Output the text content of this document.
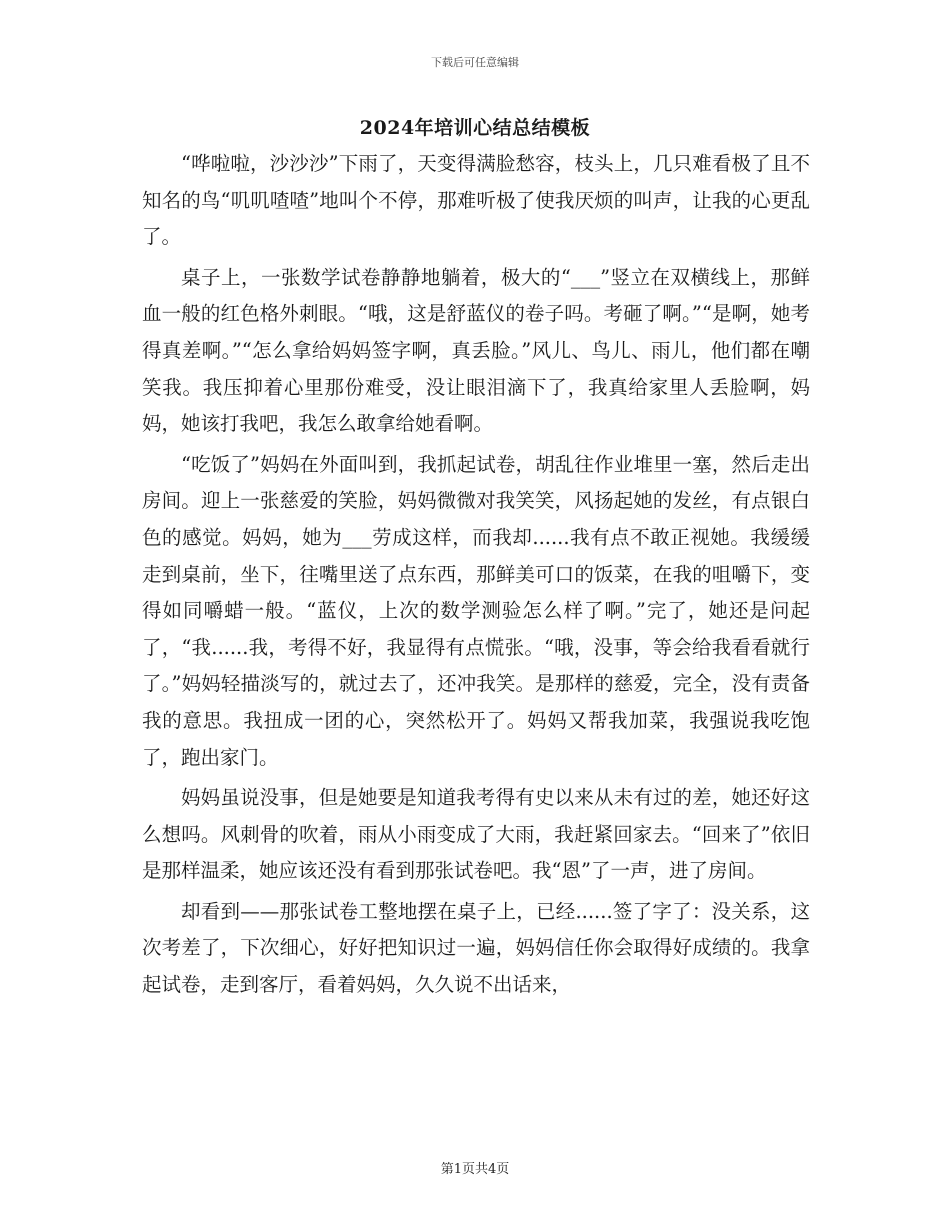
下载后可任意编辑
2024年培训心结总结模板

“哗啦啦，沙沙沙”下雨了，天变得满脸愁容，枝头上，几只难看极了且不知名的鸟“叽叽喳喳”地叫个不停，那难听极了使我厌烦的叫声，让我的心更乱了。

桌子上，一张数学试卷静静地躺着，极大的“___”竖立在双横线上，那鲜血一般的红色格外刺眼。“哦，这是舒蓝仪的卷子吗。考砸了啊。”“是啊，她考得真差啊。”“怎么拿给妈妈签字啊，真丢脸。”风儿、鸟儿、雨儿，他们都在嘲笑我。我压抑着心里那份难受，没让眼泪滴下了，我真给家里人丢脸啊，妈妈，她该打我吧，我怎么敢拿给她看啊。

“吃饭了”妈妈在外面叫到，我抓起试卷，胡乱往作业堆里一塞，然后走出房间。迎上一张慈爱的笑脸，妈妈微微对我笑笑，风扬起她的发丝，有点银白色的感觉。妈妈，她为___劳成这样，而我却......我有点不敢正视她。我缓缓走到桌前，坐下，往嘴里送了点东西，那鲜美可口的饭菜，在我的咀嚼下，变得如同嚼蜡一般。“蓝仪，上次的数学测验怎么样了啊。”完了，她还是问起了，“我......我，考得不好，我显得有点慌张。“哦，没事，等会给我看看就行了。”妈妈轻描淡写的，就过去了，还冲我笑。是那样的慈爱，完全，没有责备我的意思。我扭成一团的心，突然松开了。妈妈又帮我加菜，我强说我吃饱了，跑出家门。

妈妈虽说没事，但是她要是知道我考得有史以来从未有过的差，她还好这么想吗。风刺骨的吹着，雨从小雨变成了大雨，我赶紧回家去。“回来了”依旧是那样温柔，她应该还没有看到那张试卷吧。我“恩”了一声，进了房间。

却看到——那张试卷工整地摆在桌子上，已经......签了字了：没关系，这次考差了，下次细心，好好把知识过一遍，妈妈信任你会取得好成绩的。我拿起试卷，走到客厅，看着妈妈，久久说不出话来，

第1页共4页
